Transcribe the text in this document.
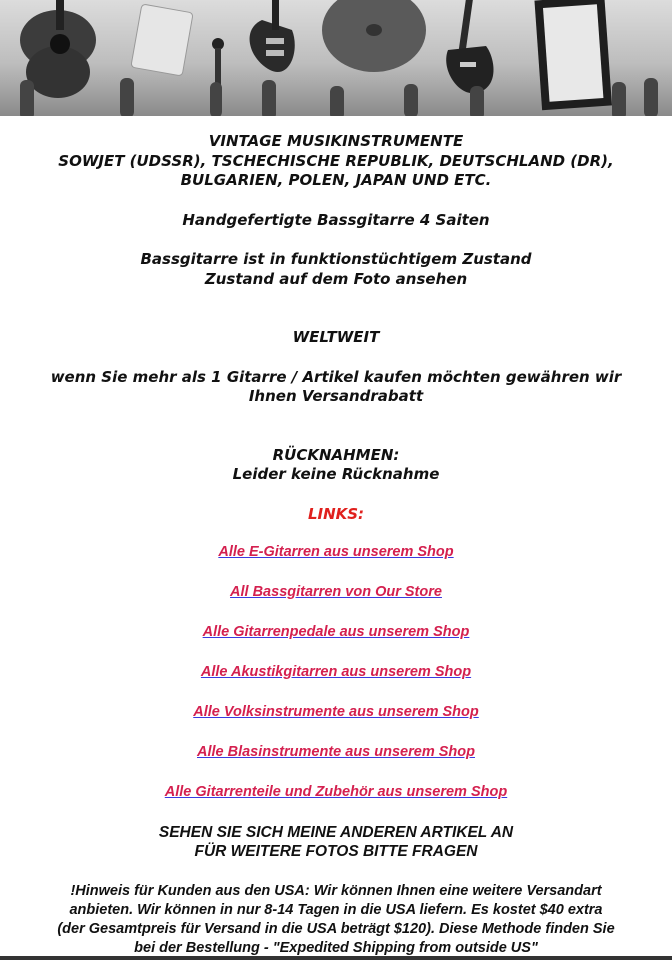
VINTAGE MUSIKINSTRUMENTE

SOWJET (UDSSR), TSCHECHISCHE REPUBLIK, DEUTSCHLAND (DR),

BULGARIEN, POLEN, JAPAN UND ETC.

Handgefertigte Bassgitarre 4 Saiten

Bassgitarre ist in funktionstüchtigem Zustand

Zustand auf dem Foto ansehen

WELTWEIT

wenn Sie mehr als 1 Gitarre / Artikel kaufen möchten gewähren wir

Ihnen Versandrabatt

RÜCKNAHMEN:

Leider keine Rücknahme

LINKS:

Alle E-Gitarren aus unserem Shop
All Bassgitarren von Our Store
Alle Gitarrenpedale aus unserem Shop
Alle Akustikgitarren aus unserem Shop
Alle Volksinstrumente aus unserem Shop
Alle Blasinstrumente aus unserem Shop
Alle Gitarrenteile und Zubehör aus unserem Shop

SEHEN SIE SICH MEINE ANDEREN ARTIKEL AN

FÜR WEITERE FOTOS BITTE FRAGEN

!Hinweis für Kunden aus den USA: Wir können Ihnen eine weitere Versandart

anbieten. Wir können in nur 8-14 Tagen in die USA liefern. Es kostet $40 extra

(der Gesamtpreis für Versand in die USA beträgt $120). Diese Methode finden Sie

bei der Bestellung - "Expedited Shipping from outside US"
